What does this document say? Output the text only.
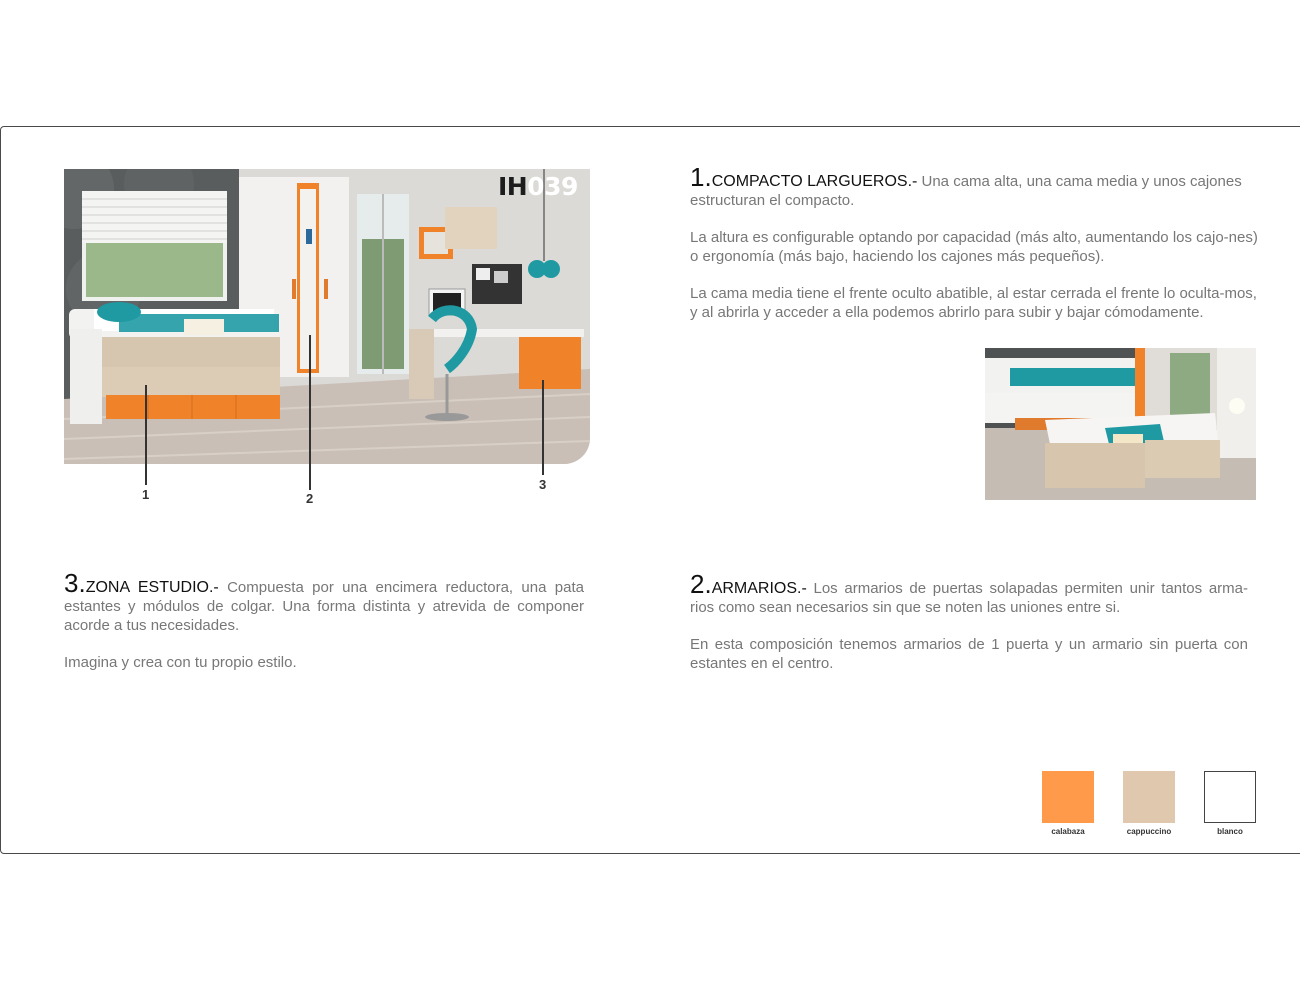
IH039
1	2
3

1.COMPACTO LARGUEROS.- Una cama alta, una cama media y unos cajones estructuran el compacto.

La altura es configurable optando por capacidad (más alto, aumentando los cajo-nes) o ergonomía (más bajo, haciendo los cajones más pequeños).

La cama media tiene el frente oculto abatible, al estar cerrada el frente lo oculta-mos, y al abrirla y acceder a ella podemos abrirlo para subir y bajar cómodamente.

3.ZONA ESTUDIO.- Compuesta por una encimera reductora, una pata estantes y módulos de colgar. Una forma distinta y atrevida de componer acorde a tus necesidades.

Imagina y crea con tu propio estilo.

2.ARMARIOS.- Los armarios de puertas solapadas permiten unir tantos arma-rios como sean necesarios sin que se noten las uniones entre si.

En esta composición tenemos armarios de 1 puerta y un armario sin puerta con estantes en el centro.

calabaza	cappuccino	blanco
